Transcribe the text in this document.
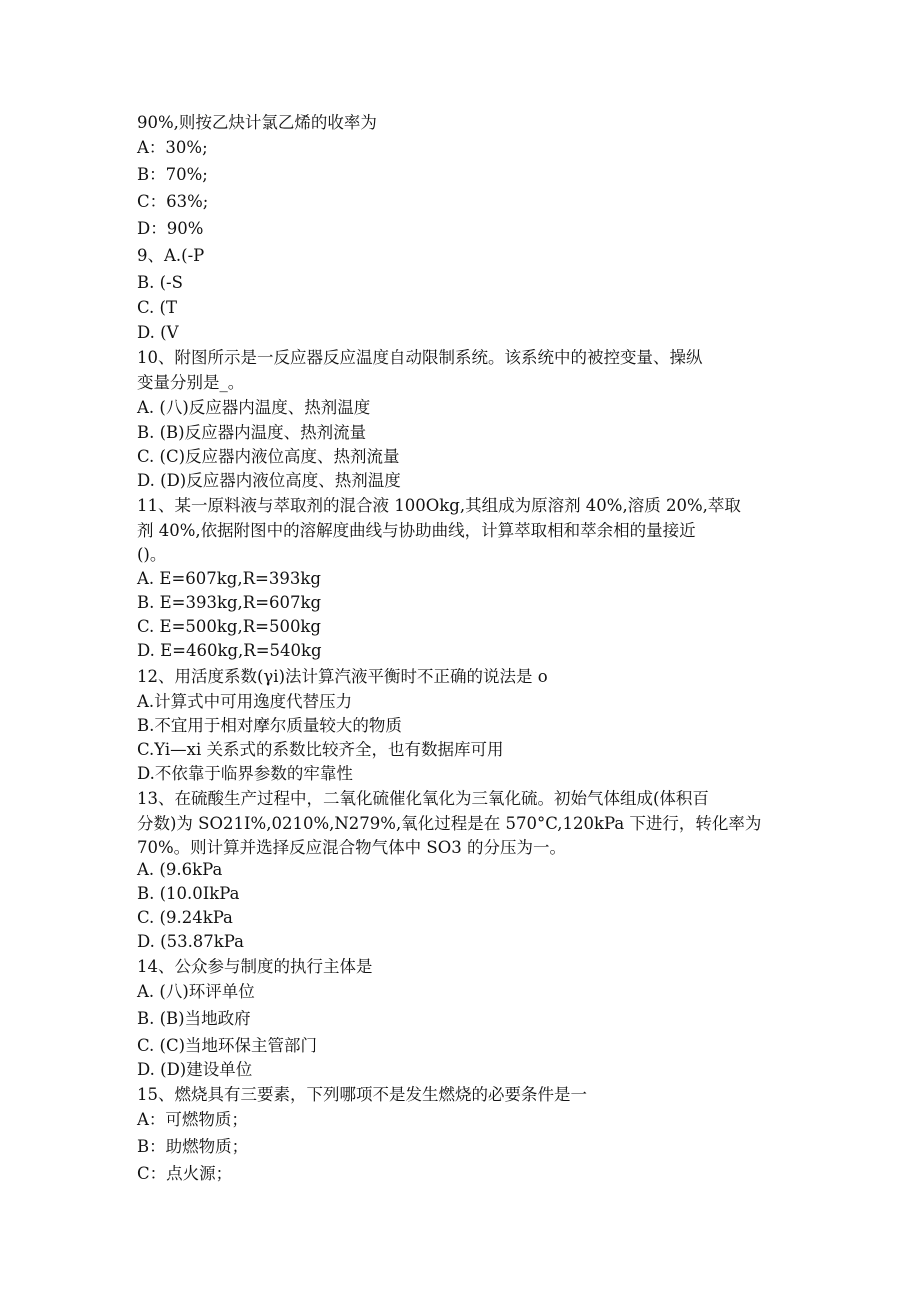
90%,则按乙炔计氯乙烯的收率为
A：30%;
B：70%;
C：63%;
D：90%
9、A.(-P
B. (-S
C. (T
D. (V
10、附图所示是一反应器反应温度自动限制系统。该系统中的被控变量、操纵
变量分别是_。
A. (八)反应器内温度、热剂温度
B. (B)反应器内温度、热剂流量
C. (C)反应器内液位高度、热剂流量
D. (D)反应器内液位高度、热剂温度
11、某一原料液与萃取剂的混合液 100Okg,其组成为原溶剂 40%,溶质 20%,萃取
剂 40%,依据附图中的溶解度曲线与协助曲线，计算萃取相和萃余相的量接近
()。
A. E=607kg,R=393kg
B. E=393kg,R=607kg
C. E=500kg,R=500kg
D. E=460kg,R=540kg
12、用活度系数(γi)法计算汽液平衡时不正确的说法是 o
A.计算式中可用逸度代替压力
B.不宜用于相对摩尔质量较大的物质
C.Yi—xi 关系式的系数比较齐全，也有数据库可用
D.不依靠于临界参数的牢靠性
13、在硫酸生产过程中，二氧化硫催化氧化为三氧化硫。初始气体组成(体积百
分数)为 SO21I%,0210%,N279%,氧化过程是在 570°C,120kPa 下进行，转化率为
70%。则计算并选择反应混合物气体中 SO3 的分压为一。
A. (9.6kPa
B. (10.0IkPa
C. (9.24kPa
D. (53.87kPa
14、公众参与制度的执行主体是
A. (八)环评单位
B. (B)当地政府
C. (C)当地环保主管部门
D. (D)建设单位
15、燃烧具有三要素，下列哪项不是发生燃烧的必要条件是一
A：可燃物质；
B：助燃物质；
C：点火源；
